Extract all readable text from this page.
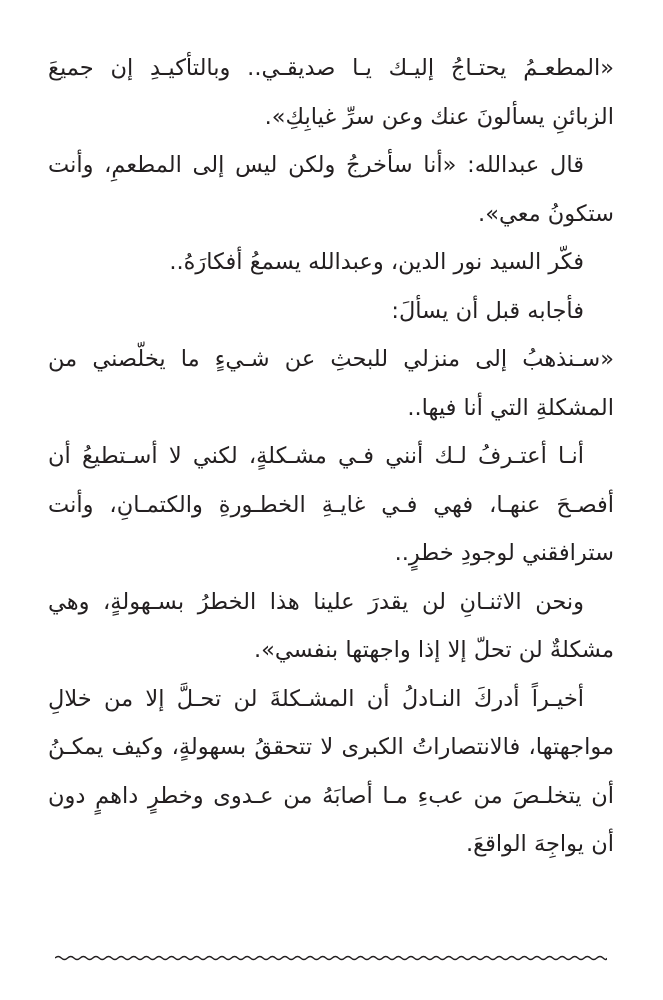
«المطعـمُ يحتـاجُ إليـك يـا صديقـي.. وبالتأكيـدِ إن جميعَ الزبائنِ يسألونَ عنك وعن سرِّ غيابِكِ».

قال عبدالله: «أنا سأخرجُ ولكن ليس إلى المطعمِ، وأنت ستكونُ معي».

فكّر السيد نور الدين، وعبدالله يسمعُ أفكارَهُ..

فأجابه قبل أن يسألَ:

«سـنذهبُ إلى منزلي للبحثِ عن شـيءٍ ما يخلّصني من المشكلةِ التي أنا فيها..

أنـا أعتـرفُ لـك أنني فـي مشـكلةٍ، لكني لا أسـتطيعُ أن أفصـحَ عنهـا، فهي فـي غايـةِ الخطـورةِ والكتمـانِ، وأنت سترافقني لوجودِ خطرٍ..

ونحن الاثنـانِ لن يقدرَ علينا هذا الخطرُ بسـهولةٍ، وهي مشكلةٌ لن تحلّ إلا إذا واجهتها بنفسي».

أخيـراً أدركَ النـادلُ أن المشـكلةَ لن تحـلَّ إلا من خلالِ مواجهتها، فالانتصاراتُ الكبرى لا تتحققُ بسهولةٍ، وكيف يمكـنُ أن يتخلـصَ من عبءِ مـا أصابَهُ من عـدوى وخطرٍ داهمٍ دون أن يواجِهَ الواقعَ.
